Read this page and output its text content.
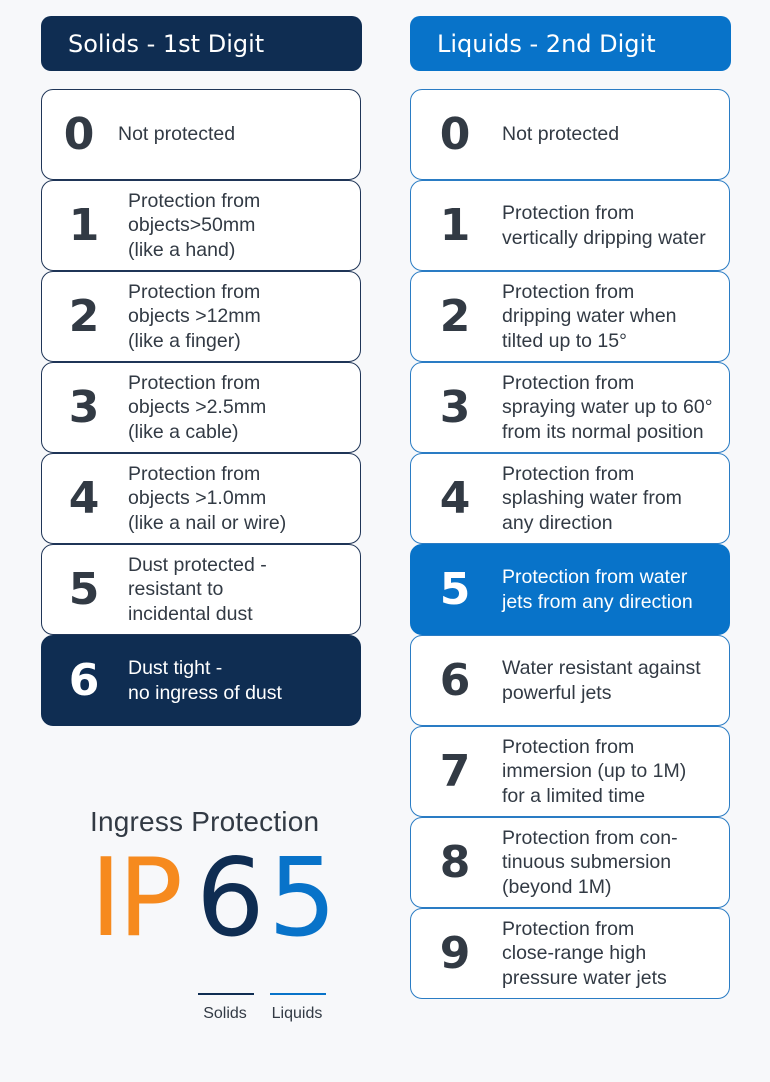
Solids - 1st Digit
0	Not protected
1	Protection from
objects>50mm
(like a hand)
2	Protection from
objects >12mm
(like a finger)
3	Protection from
objects >2.5mm
(like a cable)
4	Protection from
objects >1.0mm
(like a nail or wire)
5	Dust protected -
resistant to
incidental dust
6	Dust tight -
no ingress of dust
Liquids - 2nd Digit
0	Not protected
1	Protection from
vertically dripping water
2	Protection from
dripping water when
tilted up to 15°
3	Protection from
spraying water up to 60°
from its normal position
4	Protection from
splashing water from
any direction
5	Protection from water
jets from any direction
6	Water resistant against
powerful jets
7	Protection from
immersion (up to 1M)
for a limited time
8	Protection from con-
tinuous submersion
(beyond 1M)
9	Protection from
close-range high
pressure water jets
Ingress Protection
IP 6 5
Solids	Liquids
